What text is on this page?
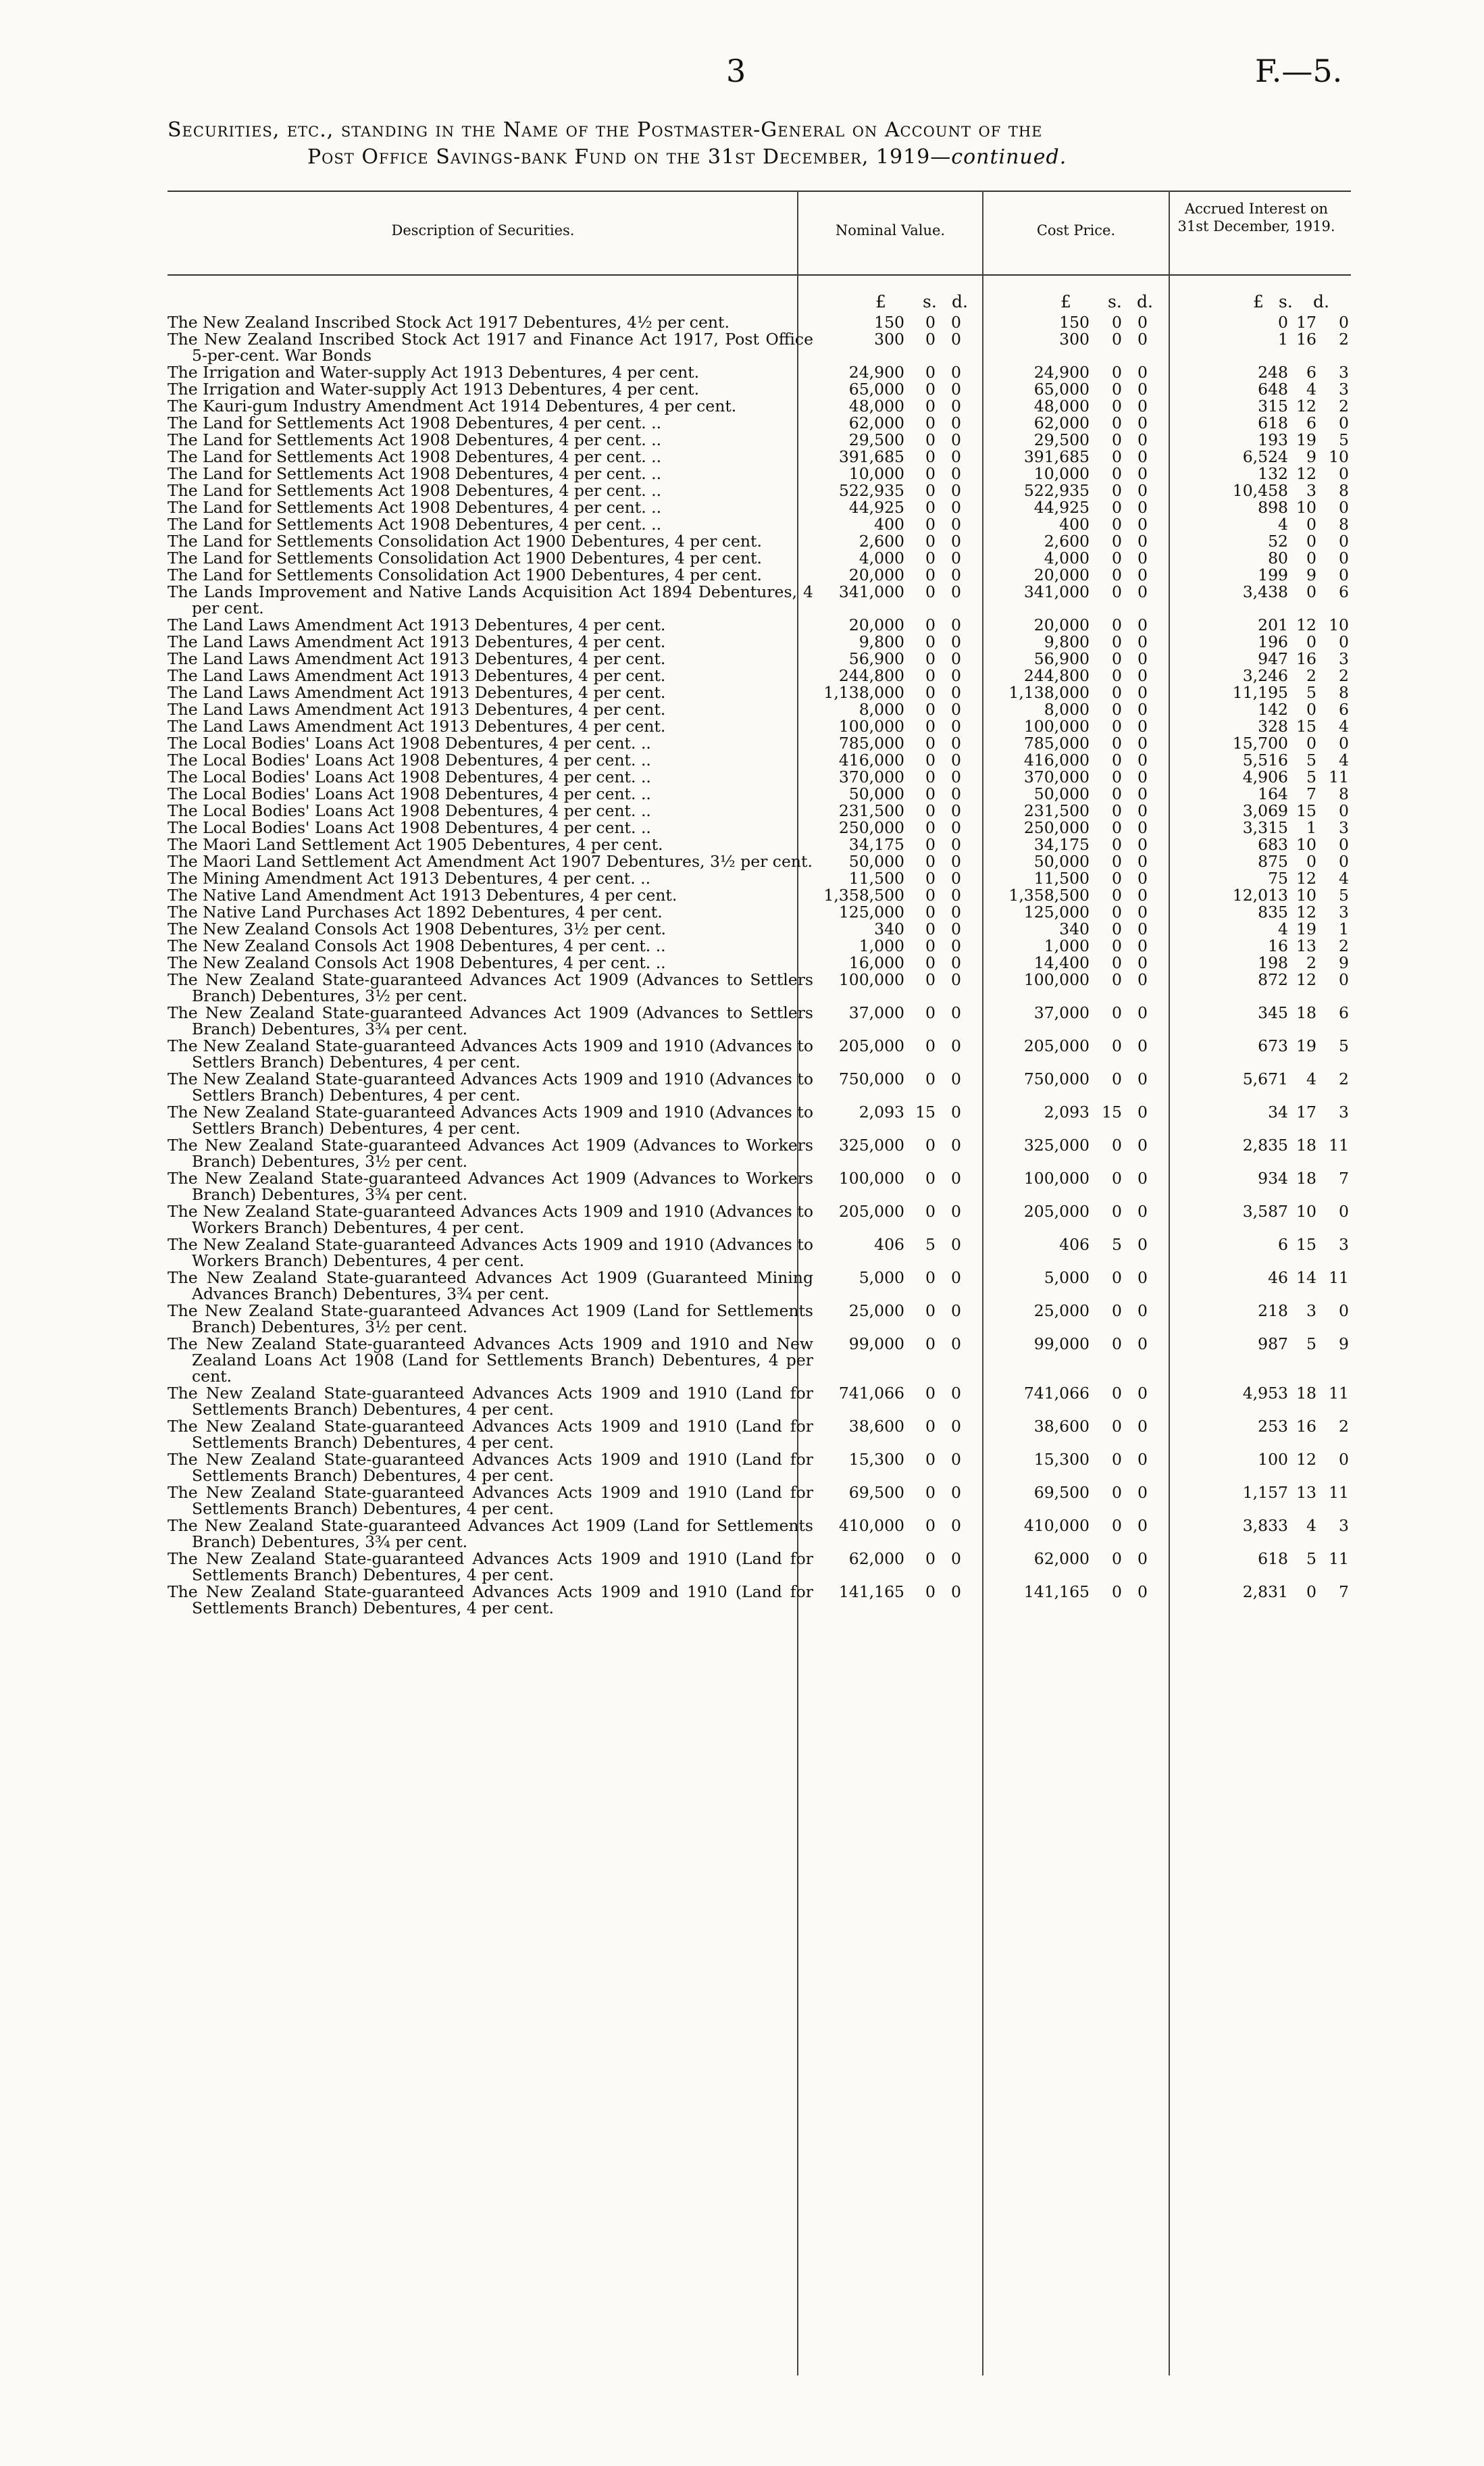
3	F.—5.
Securities, etc., standing in the Name of the Postmaster-General on Account of the
Post Office Savings-bank Fund on the 31st December, 1919—continued.
Description of Securities.	Nominal Value.	Cost Price.
Accrued Interest on 31st December, 1919.
£ s. d.	£ s. d.	£ s. d.
The New Zealand Inscribed Stock Act 1917 Debentures, 4½ per cent.	150 0 0	150 0 0	0 17 0
The New Zealand Inscribed Stock Act 1917 and Finance Act 1917, Post Office 5-per-cent. War Bonds
300 0 0	300 0 0	1 16 2
The Irrigation and Water-supply Act 1913 Debentures, 4 per cent.	24,900 0 0	24,900 0 0	248 6 3
The Irrigation and Water-supply Act 1913 Debentures, 4 per cent.	65,000 0 0	65,000 0 0	648 4 3
The Kauri-gum Industry Amendment Act 1914 Debentures, 4 per cent.	48,000 0 0	48,000 0 0	315 12 2
The Land for Settlements Act 1908 Debentures, 4 per cent. ..	62,000 0 0	62,000 0 0	618 6 0
The Land for Settlements Act 1908 Debentures, 4 per cent. ..	29,500 0 0	29,500 0 0	193 19 5
The Land for Settlements Act 1908 Debentures, 4 per cent. ..	391,685 0 0	391,685 0 0	6,524 9 10
The Land for Settlements Act 1908 Debentures, 4 per cent. ..	10,000 0 0	10,000 0 0	132 12 0
The Land for Settlements Act 1908 Debentures, 4 per cent. ..	522,935 0 0	522,935 0 0	10,458 3 8
The Land for Settlements Act 1908 Debentures, 4 per cent. ..	44,925 0 0	44,925 0 0	898 10 0
The Land for Settlements Act 1908 Debentures, 4 per cent. ..	400 0 0	400 0 0	4 0 8
The Land for Settlements Consolidation Act 1900 Debentures, 4 per cent.	2,600 0 0	2,600 0 0	52 0 0
The Land for Settlements Consolidation Act 1900 Debentures, 4 per cent.	4,000 0 0	4,000 0 0	80 0 0
The Land for Settlements Consolidation Act 1900 Debentures, 4 per cent.	20,000 0 0	20,000 0 0	199 9 0
The Lands Improvement and Native Lands Acquisition Act 1894 Debentures, 4 per cent.
341,000 0 0	341,000 0 0	3,438 0 6
The Land Laws Amendment Act 1913 Debentures, 4 per cent.	20,000 0 0	20,000 0 0	201 12 10
The Land Laws Amendment Act 1913 Debentures, 4 per cent.	9,800 0 0	9,800 0 0	196 0 0
The Land Laws Amendment Act 1913 Debentures, 4 per cent.	56,900 0 0	56,900 0 0	947 16 3
The Land Laws Amendment Act 1913 Debentures, 4 per cent.	244,800 0 0	244,800 0 0	3,246 2 2
The Land Laws Amendment Act 1913 Debentures, 4 per cent.	1,138,000 0 0	1,138,000 0 0	11,195 5 8
The Land Laws Amendment Act 1913 Debentures, 4 per cent.	8,000 0 0	8,000 0 0	142 0 6
The Land Laws Amendment Act 1913 Debentures, 4 per cent.	100,000 0 0	100,000 0 0	328 15 4
The Local Bodies' Loans Act 1908 Debentures, 4 per cent. ..	785,000 0 0	785,000 0 0	15,700 0 0
The Local Bodies' Loans Act 1908 Debentures, 4 per cent. ..	416,000 0 0	416,000 0 0	5,516 5 4
The Local Bodies' Loans Act 1908 Debentures, 4 per cent. ..	370,000 0 0	370,000 0 0	4,906 5 11
The Local Bodies' Loans Act 1908 Debentures, 4 per cent. ..	50,000 0 0	50,000 0 0	164 7 8
The Local Bodies' Loans Act 1908 Debentures, 4 per cent. ..	231,500 0 0	231,500 0 0	3,069 15 0
The Local Bodies' Loans Act 1908 Debentures, 4 per cent. ..	250,000 0 0	250,000 0 0	3,315 1 3
The Maori Land Settlement Act 1905 Debentures, 4 per cent.	34,175 0 0	34,175 0 0	683 10 0
The Maori Land Settlement Act Amendment Act 1907 Debentures, 3½ per cent. 50,000 0 0	50,000 0 0	875 0 0
The Mining Amendment Act 1913 Debentures, 4 per cent. ..	11,500 0 0	11,500 0 0	75 12 4
The Native Land Amendment Act 1913 Debentures, 4 per cent.	1,358,500 0 0	1,358,500 0 0	12,013 10 5
The Native Land Purchases Act 1892 Debentures, 4 per cent.	125,000 0 0	125,000 0 0	835 12 3
The New Zealand Consols Act 1908 Debentures, 3½ per cent.	340 0 0	340 0 0	4 19 1
The New Zealand Consols Act 1908 Debentures, 4 per cent. ..	1,000 0 0	1,000 0 0	16 13 2
The New Zealand Consols Act 1908 Debentures, 4 per cent. ..	16,000 0 0	14,400 0 0	198 2 9
The New Zealand State-guaranteed Advances Act 1909 (Advances to Settlers Branch) Debentures, 3½ per cent.
100,000 0 0	100,000 0 0	872 12 0
The New Zealand State-guaranteed Advances Act 1909 (Advances to Settlers Branch) Debentures, 3¾ per cent.
37,000 0 0	37,000 0 0	345 18 6
The New Zealand State-guaranteed Advances Acts 1909 and 1910 (Advances to Settlers Branch) Debentures, 4 per cent.
205,000 0 0	205,000 0 0	673 19 5
The New Zealand State-guaranteed Advances Acts 1909 and 1910 (Advances to Settlers Branch) Debentures, 4 per cent.
750,000 0 0	750,000 0 0	5,671 4 2
The New Zealand State-guaranteed Advances Acts 1909 and 1910 (Advances to Settlers Branch) Debentures, 4 per cent.
2,093 15 0	2,093 15 0	34 17 3
The New Zealand State-guaranteed Advances Act 1909 (Advances to Workers Branch) Debentures, 3½ per cent.
325,000 0 0	325,000 0 0	2,835 18 11
The New Zealand State-guaranteed Advances Act 1909 (Advances to Workers Branch) Debentures, 3¾ per cent.
100,000 0 0	100,000 0 0	934 18 7
The New Zealand State-guaranteed Advances Acts 1909 and 1910 (Advances to Workers Branch) Debentures, 4 per cent.
205,000 0 0	205,000 0 0	3,587 10 0
The New Zealand State-guaranteed Advances Acts 1909 and 1910 (Advances to Workers Branch) Debentures, 4 per cent.
406 5 0	406 5 0	6 15 3
The New Zealand State-guaranteed Advances Act 1909 (Guaranteed Mining Advances Branch) Debentures, 3¾ per cent.
5,000 0 0	5,000 0 0	46 14 11
The New Zealand State-guaranteed Advances Act 1909 (Land for Settlements Branch) Debentures, 3½ per cent.
25,000 0 0	25,000 0 0	218 3 0
The New Zealand State-guaranteed Advances Acts 1909 and 1910 and New Zealand Loans Act 1908 (Land for Settlements Branch) Debentures, 4 per cent.
99,000 0 0	99,000 0 0	987 5 9
The New Zealand State-guaranteed Advances Acts 1909 and 1910 (Land for Settlements Branch) Debentures, 4 per cent.
741,066 0 0	741,066 0 0	4,953 18 11
The New Zealand State-guaranteed Advances Acts 1909 and 1910 (Land for Settlements Branch) Debentures, 4 per cent.
38,600 0 0	38,600 0 0	253 16 2
The New Zealand State-guaranteed Advances Acts 1909 and 1910 (Land for Settlements Branch) Debentures, 4 per cent.
15,300 0 0	15,300 0 0	100 12 0
The New Zealand State-guaranteed Advances Acts 1909 and 1910 (Land for Settlements Branch) Debentures, 4 per cent.
69,500 0 0	69,500 0 0	1,157 13 11
The New Zealand State-guaranteed Advances Act 1909 (Land for Settlements Branch) Debentures, 3¾ per cent.
410,000 0 0	410,000 0 0	3,833 4 3
The New Zealand State-guaranteed Advances Acts 1909 and 1910 (Land for Settlements Branch) Debentures, 4 per cent.
62,000 0 0	62,000 0 0	618 5 11
The New Zealand State-guaranteed Advances Acts 1909 and 1910 (Land for Settlements Branch) Debentures, 4 per cent.
141,165 0 0	141,165 0 0	2,831 0 7
